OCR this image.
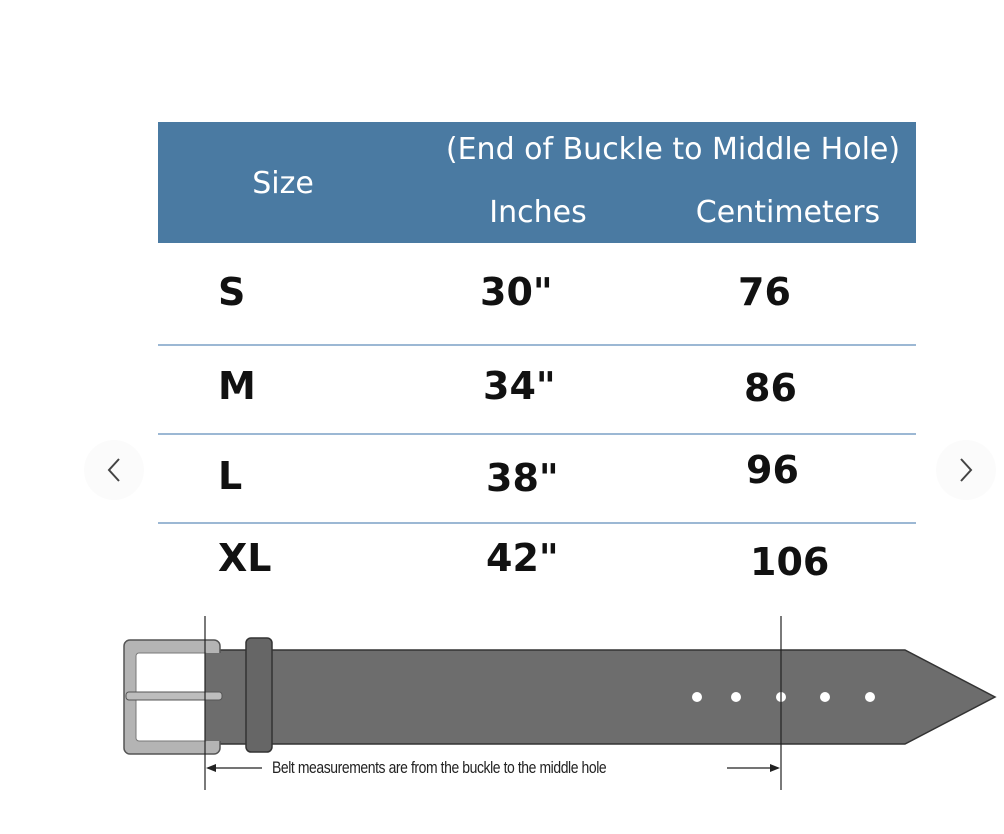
Size
(End of Buckle to Middle Hole)
Inches	Centimeters
S	30"	76
M	34"	86
L	38"	96
XL	42"	106
Belt measurements are from the buckle to the middle hole
